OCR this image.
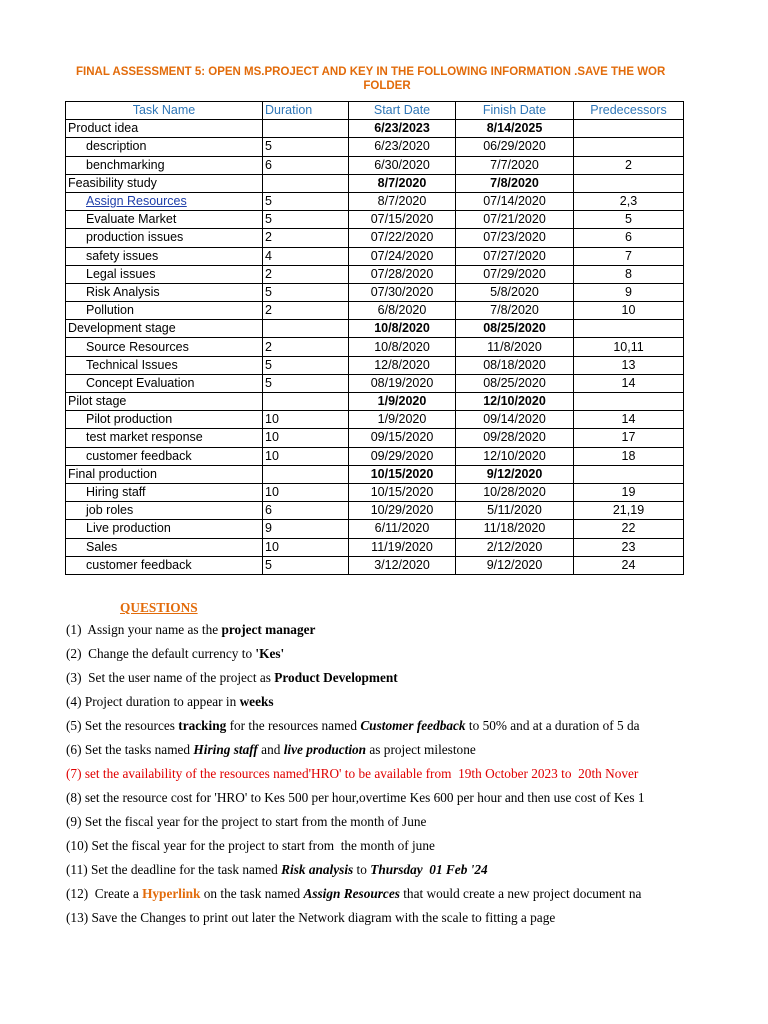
FINAL ASSESSMENT 5: OPEN MS.PROJECT AND KEY IN THE FOLLOWING INFORMATION .SAVE THE WOR
FOLDER
Task Name	Duration	Start Date	Finish Date	Predecessors
Product idea		6/23/2023	8/14/2025	
description	5	6/23/2020	06/29/2020	
benchmarking	6	6/30/2020	7/7/2020	2
Feasibility study		8/7/2020	7/8/2020	
Assign Resources	5	8/7/2020	07/14/2020	2,3
Evaluate Market	5	07/15/2020	07/21/2020	5
production issues	2	07/22/2020	07/23/2020	6
safety issues	4	07/24/2020	07/27/2020	7
Legal issues	2	07/28/2020	07/29/2020	8
Risk Analysis	5	07/30/2020	5/8/2020	9
Pollution	2	6/8/2020	7/8/2020	10
Development stage		10/8/2020	08/25/2020	
Source Resources	2	10/8/2020	11/8/2020	10,11
Technical Issues	5	12/8/2020	08/18/2020	13
Concept Evaluation	5	08/19/2020	08/25/2020	14
Pilot stage		1/9/2020	12/10/2020	
Pilot production	10	1/9/2020	09/14/2020	14
test market response	10	09/15/2020	09/28/2020	17
customer feedback	10	09/29/2020	12/10/2020	18
Final production		10/15/2020	9/12/2020	
Hiring staff	10	10/15/2020	10/28/2020	19
job roles	6	10/29/2020	5/11/2020	21,19
Live production	9	6/11/2020	11/18/2020	22
Sales	10	11/19/2020	2/12/2020	23
customer feedback	5	3/12/2020	9/12/2020	24
QUESTIONS
(1)  Assign your name as the project manager
(2)  Change the default currency to 'Kes'
(3)  Set the user name of the project as Product Development
(4) Project duration to appear in weeks
(5) Set the resources tracking for the resources named Customer feedback to 50% and at a duration of 5 da
(6) Set the tasks named Hiring staff and live production as project milestone
(7) set the availability of the resources named'HRO' to be available from  19th October 2023 to  20th Nover
(8) set the resource cost for 'HRO' to Kes 500 per hour,overtime Kes 600 per hour and then use cost of Kes 1
(9) Set the fiscal year for the project to start from the month of June
(10) Set the fiscal year for the project to start from  the month of june
(11) Set the deadline for the task named Risk analysis to Thursday  01 Feb '24
(12)  Create a Hyperlink on the task named Assign Resources that would create a new project document na
(13) Save the Changes to print out later the Network diagram with the scale to fitting a page
